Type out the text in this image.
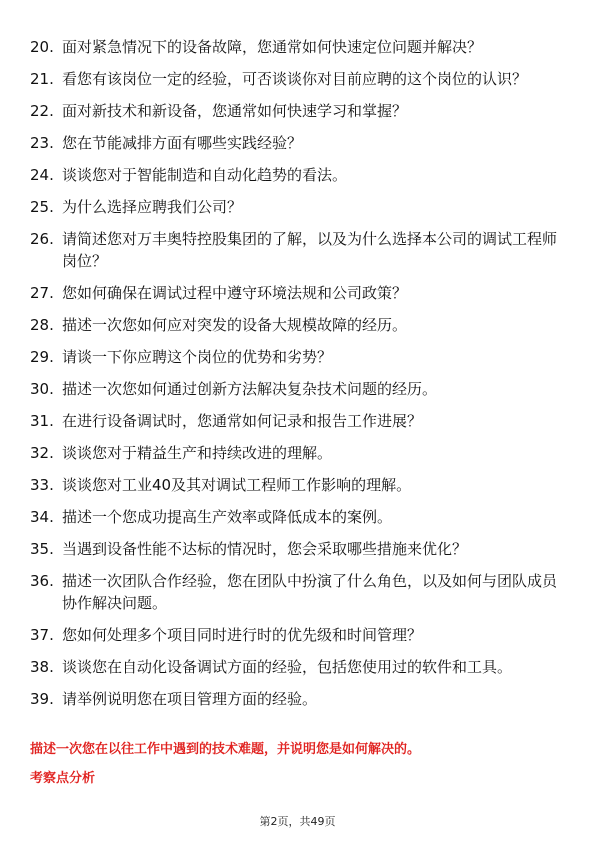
20. 面对紧急情况下的设备故障，您通常如何快速定位问题并解决？
21. 看您有该岗位一定的经验，可否谈谈你对目前应聘的这个岗位的认识？
22. 面对新技术和新设备，您通常如何快速学习和掌握？
23. 您在节能减排方面有哪些实践经验？
24. 谈谈您对于智能制造和自动化趋势的看法。
25. 为什么选择应聘我们公司？
26. 请简述您对万丰奥特控股集团的了解，以及为什么选择本公司的调试工程师岗位？
27. 您如何确保在调试过程中遵守环境法规和公司政策？
28. 描述一次您如何应对突发的设备大规模故障的经历。
29. 请谈一下你应聘这个岗位的优势和劣势？
30. 描述一次您如何通过创新方法解决复杂技术问题的经历。
31. 在进行设备调试时，您通常如何记录和报告工作进展？
32. 谈谈您对于精益生产和持续改进的理解。
33. 谈谈您对工业40及其对调试工程师工作影响的理解。
34. 描述一个您成功提高生产效率或降低成本的案例。
35. 当遇到设备性能不达标的情况时，您会采取哪些措施来优化？
36. 描述一次团队合作经验，您在团队中扮演了什么角色，以及如何与团队成员协作解决问题。
37. 您如何处理多个项目同时进行时的优先级和时间管理？
38. 谈谈您在自动化设备调试方面的经验，包括您使用过的软件和工具。
39. 请举例说明您在项目管理方面的经验。
描述一次您在以往工作中遇到的技术难题，并说明您是如何解决的。
考察点分析
第2页，共49页
